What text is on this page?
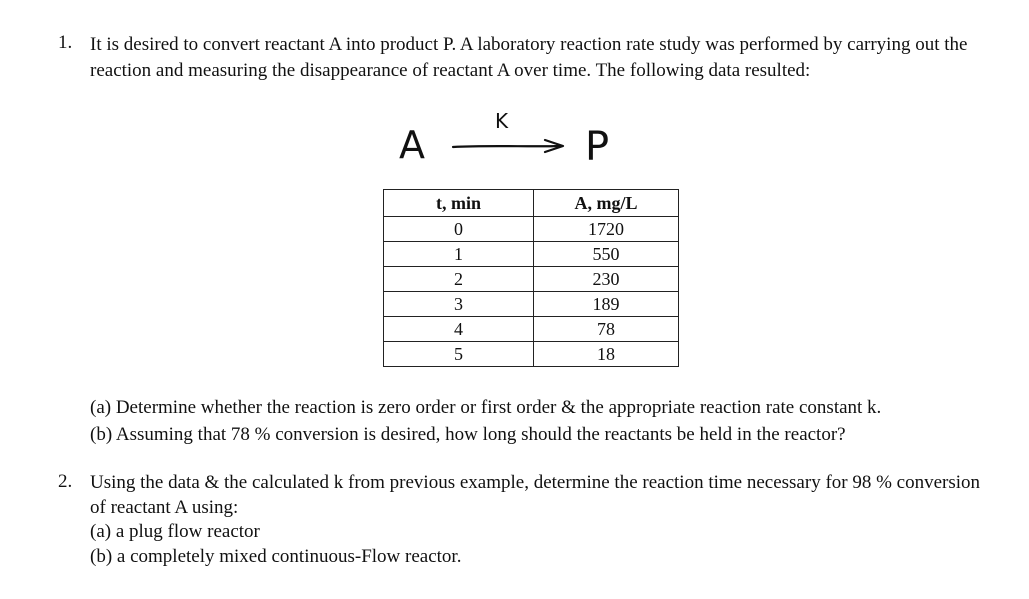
1. It is desired to convert reactant A into product P. A laboratory reaction rate study was performed by carrying out the reaction and measuring the disappearance of reactant A over time. The following data resulted:
A
K
P
t, min	A, mg/L
0	1720
1	550
2	230
3	189
4	78
5	18
(a) Determine whether the reaction is zero order or first order & the appropriate reaction rate constant k.
(b) Assuming that 78 % conversion is desired, how long should the reactants be held in the reactor?
2. Using the data & the calculated k from previous example, determine the reaction time necessary for 98 % conversion of reactant A using:
(a) a plug flow reactor
(b) a completely mixed continuous-Flow reactor.
